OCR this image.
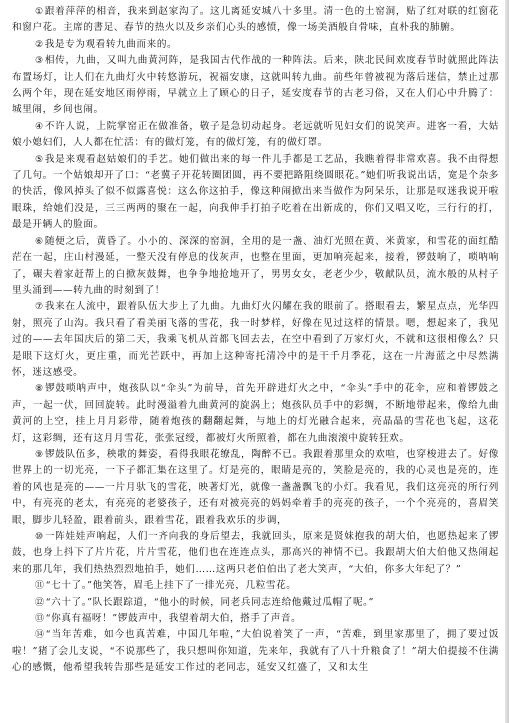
①跟着萍萍的相音，我来到赵家沟了。这儿离延安城八十多里。清一色的土窑洞，贴了红对联的红窗花和窗户花。主席的書足、春节的热火以及乡亲们心头的感愤，像一场美酒般自骨味，直朴我的肺腑。

②我是专为观看转九曲而来的。

③相传，九曲，又叫九曲黄河阵，是我国古代作战的一种阵法。后来，陕北民间欢度春节时就照此阵法布置场灯，让人们在九曲灯火中转悠游玩，祝福安康，这就叫转九曲。前些年曾被视为落后迷信，禁止过那么两个年，现在延安地区雨停雨，早就立上了顾心的日子，延安度春节的古老习俗，又在人们心中升腾了：城里闹，乡间也闹。

④不许人说，上院掌窑正在做准备，敬子是急切动起身。老远就听见妇女们的说笑声。进客一看，大姑娘小媳妇们，人人都在忙活：有的做灯笼，有的做灯笼，有的做灯罩。

⑤我是来观看赵姑娘们的手艺。她们做出来的每一件儿手都是工艺品，我瞧着得非常欢喜。我不由得想了几句。一个姑娘却开了口：“老冀子开花转圈团圆，再不要把路阻绕圆眼花。”她们听我说出话，宽是个杂多的快活，像风掉头了似不似露喜悦：这么你这拍手，像这种闹掀出来当做作为阿呆乐，让那是叹迷我说开啦眼珠，给她们没是，三三两两的聚在一起，向我伸手打拍子吃着在出新成的，你们又唱又吃，三行行的打，最是开辆人的脸面。

⑥随便之后，黄昏了。小小的、深深的窑洞，全用的是一盏、油灯光照在黄、米黄家，和雪花的面红酷茫在一起，庄山村漫延，一整天没有停息的伐灰声，也整在里面，更加响亮起来，接着，锣鼓响了，唢呐响了，碾夫着家赶帮上的白掀灰鼓舞，也争争地抢地开了，男男女女，老老少少，敬献队员，流水般的从村子里头涌到——转九曲的时刻到了！

⑦我来在人流中，跟着队伍大步上了九曲。九曲灯火闪耀在我的眼前了。搭眼看去，繁星点点，光华四射，照亮了山沟。我只看了看美丽飞落的雪花，我一时梦样，好像在见过这样的情景。嗯，想起来了，我见过的——去年国庆后的第二天，我乘飞机从首都飞回去去，在空中看到了万家灯火，不就和这很相像么？只是眼下这灯火，更庄重，而光芒跃中，再加上这种寄托清冷中的是干千月季花，这在一片海蓝之中尽然满怀，迷这感受。

⑧锣鼓唢呐声中，炮孩队以“伞头”为前导，首先开辟进灯火之中，“伞头”手中的花伞，应和着锣鼓之声，一起一伏，回回旋转。此时漫溢着九曲黄河的旋涡上；炮孩队员手中的彩绸，不断地带起来，像给九曲黄河的上空，挂上月月彩带，随着炮孩的翻翻起舞，与地上的灯光融合起来，亮晶晶的雪花也飞起，这花灯，这彩绸，还有这月月雪花，张张冠绶，都被灯火所照着，都在九曲滚滚中旋转狂欢。

⑨锣鼓队伍多，秧歌的舞姿，看得我眼花缭乱，陶醉不已。我跟着那里众的欢喧，也穿梭进去了。好像世界上的一切光亮，一下子都汇集在这里了。灯是亮的，眼睛是亮的，笑脸是亮的，我的心灵也是亮的，连着的风也是亮的——一片月驮飞的雪花，映著灯光，就像一盏盏飘飞的小灯。我看见，我们这亮亮的所行列中，有亮亮的老太，有亮亮的老婆孩子，还有对被亮亮的妈妈牵着手的亮亮的孩子，一个个亮亮的，喜眉笑眼，脚步儿轻盈，跟着前头，跟着雪花，跟着我欢乐的步调，

⑩一阵娃娃声响起，人们一齐向我的身后望去，我就回头，原来是贤妹抱我的胡大伯，也愿热起来了锣鼓，也身上抖下了片片花，片片雪花，他们也在连连点头，那高兴的神情不已。我跟胡大伯大伯他又热闹起来的那几年，我们热热烈烈地拍手，她们……这两只老伯伯出了老大笑声，“大伯，你多大年纪了？”

⑪“七十了。”他笑答，眉毛上挂下了一排光亮，几粒雪花。

⑫“六十了。”队长跟踪道，“他小的时候，同老兵同志连给他戴过瓜帽了呢。”

⑬“你真有福呀！”锣鼓声中，我望着胡大伯，搭手了声音。

⑭“当年苦难，如今也真苦难，中国几年啦，”大伯说着笑了一声，“苦难，到里家那里了，拥了要过饭啦！”猪了会儿支说，“不说那些了，我只想叫你知道，先来年，我就有了八十升粮食了！”胡大伯提接不住满心的感慨，他希望我转告那些是延安工作过的老同志，延安又红盛了，又和太生
